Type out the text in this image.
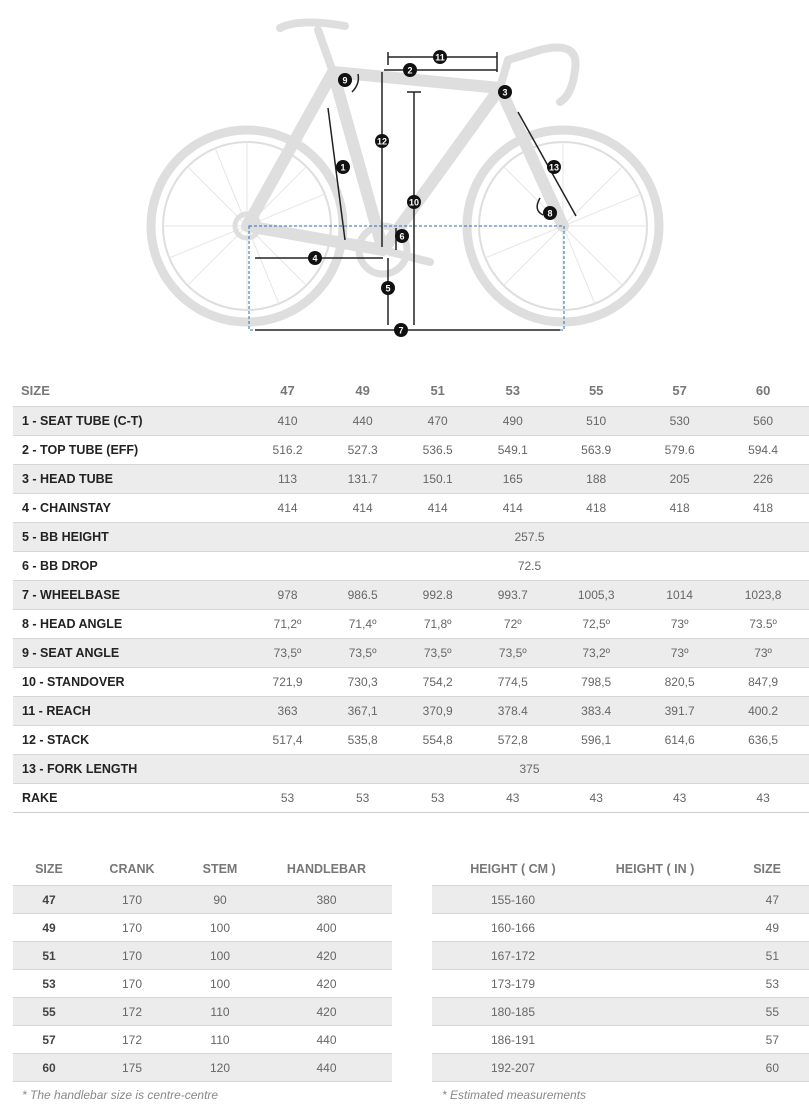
1
2
3
4
5
6
7
8
9
10
11
12
13
SIZE	47	49	51	53	55	57	60
1 - SEAT TUBE (C-T)	410	440	470	490	510	530	560
2 - TOP TUBE (EFF)	516.2	527.3	536.5	549.1	563.9	579.6	594.4
3 - HEAD TUBE	113	131.7	150.1	165	188	205	226
4 - CHAINSTAY	414	414	414	414	418	418	418
5 - BB HEIGHT	257.5						
6 - BB DROP	72.5						
7 - WHEELBASE	978	986.5	992.8	993.7	1005,3	1014	1023,8
8 - HEAD ANGLE	71,2º	71,4º	71,8º	72º	72,5º	73º	73.5º
9 - SEAT ANGLE	73,5º	73,5º	73,5º	73,5º	73,2º	73º	73º
10 - STANDOVER	721,9	730,3	754,2	774,5	798,5	820,5	847,9
11 - REACH	363	367,1	370,9	378.4	383.4	391.7	400.2
12 - STACK	517,4	535,8	554,8	572,8	596,1	614,6	636,5
13 - FORK LENGTH	375						
RAKE	53	53	53	43	43	43	43
SIZE	CRANK	STEM	HANDLEBAR
47	170	90	380
49	170	100	400
51	170	100	420
53	170	100	420
55	172	110	420
57	172	110	440
60	175	120	440
HEIGHT ( CM )	HEIGHT ( IN )	SIZE
155-160		47
160-166		49
167-172		51
173-179		53
180-185		55
186-191		57
192-207		60
* The handlebar size is centre-centre	* Estimated measurements
